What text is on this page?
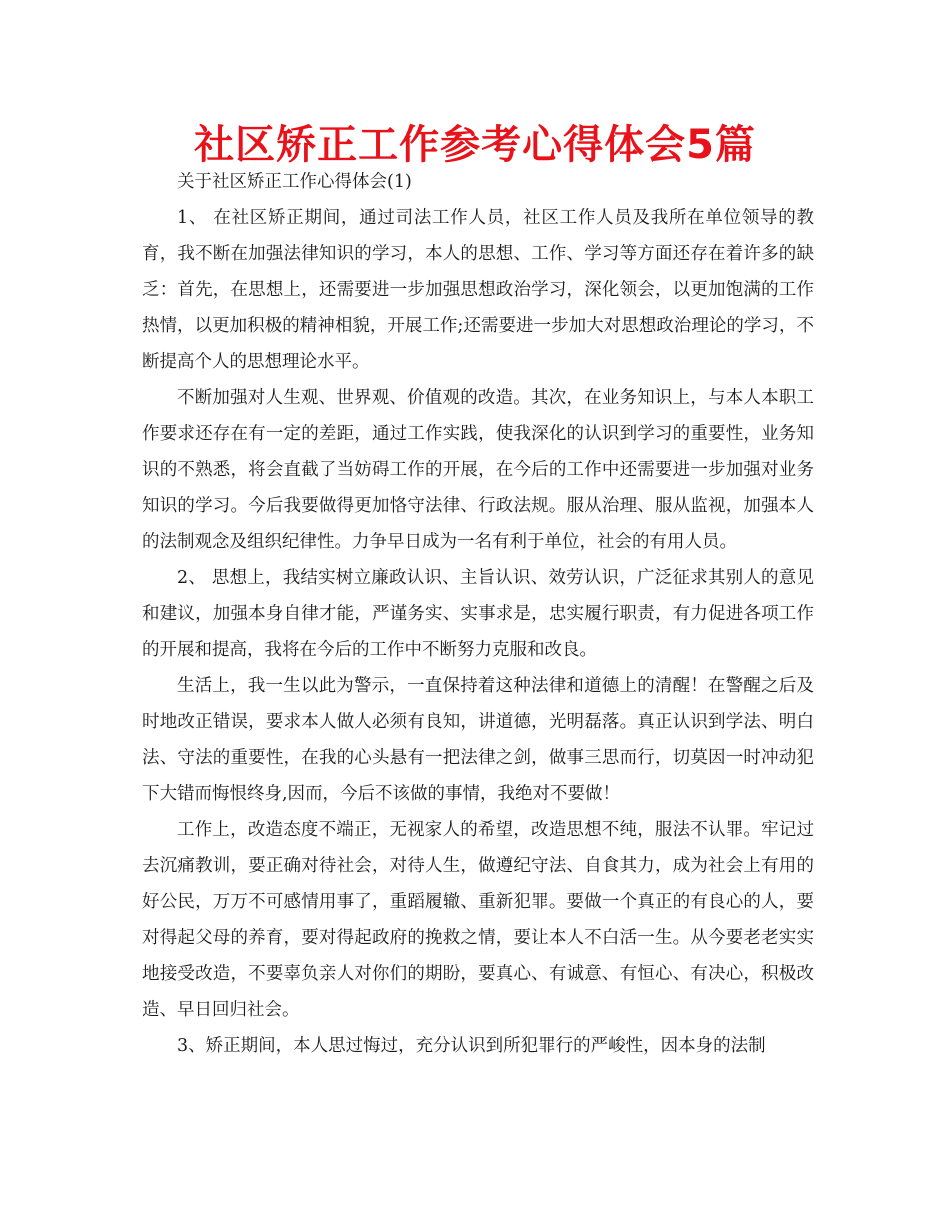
社区矫正工作参考心得体会5篇

关于社区矫正工作心得体会(1)

1、 在社区矫正期间，通过司法工作人员，社区工作人员及我所在单位领导的教育，我不断在加强法律知识的学习，本人的思想、工作、学习等方面还存在着许多的缺乏：首先，在思想上，还需要进一步加强思想政治学习，深化领会，以更加饱满的工作热情，以更加积极的精神相貌，开展工作;还需要进一步加大对思想政治理论的学习，不断提高个人的思想理论水平。

不断加强对人生观、世界观、价值观的改造。其次，在业务知识上，与本人本职工作要求还存在有一定的差距，通过工作实践，使我深化的认识到学习的重要性，业务知识的不熟悉，将会直截了当妨碍工作的开展，在今后的工作中还需要进一步加强对业务知识的学习。今后我要做得更加恪守法律、行政法规。服从治理、服从监视，加强本人的法制观念及组织纪律性。力争早日成为一名有利于单位，社会的有用人员。

2、 思想上，我结实树立廉政认识、主旨认识、效劳认识，广泛征求其别人的意见和建议，加强本身自律才能，严谨务实、实事求是，忠实履行职责，有力促进各项工作的开展和提高，我将在今后的工作中不断努力克服和改良。

生活上，我一生以此为警示，一直保持着这种法律和道德上的清醒！在警醒之后及时地改正错误，要求本人做人必须有良知，讲道德，光明磊落。真正认识到学法、明白法、守法的重要性，在我的心头悬有一把法律之剑，做事三思而行，切莫因一时冲动犯下大错而悔恨终身,因而，今后不该做的事情，我绝对不要做！

工作上，改造态度不端正，无视家人的希望，改造思想不纯，服法不认罪。牢记过去沉痛教训，要正确对待社会，对待人生，做遵纪守法、自食其力，成为社会上有用的好公民，万万不可感情用事了，重蹈履辙、重新犯罪。要做一个真正的有良心的人，要对得起父母的养育，要对得起政府的挽救之情，要让本人不白活一生。从今要老老实实地接受改造，不要辜负亲人对你们的期盼，要真心、有诚意、有恒心、有决心，积极改造、早日回归社会。

3、矫正期间，本人思过悔过，充分认识到所犯罪行的严峻性，因本身的法制
